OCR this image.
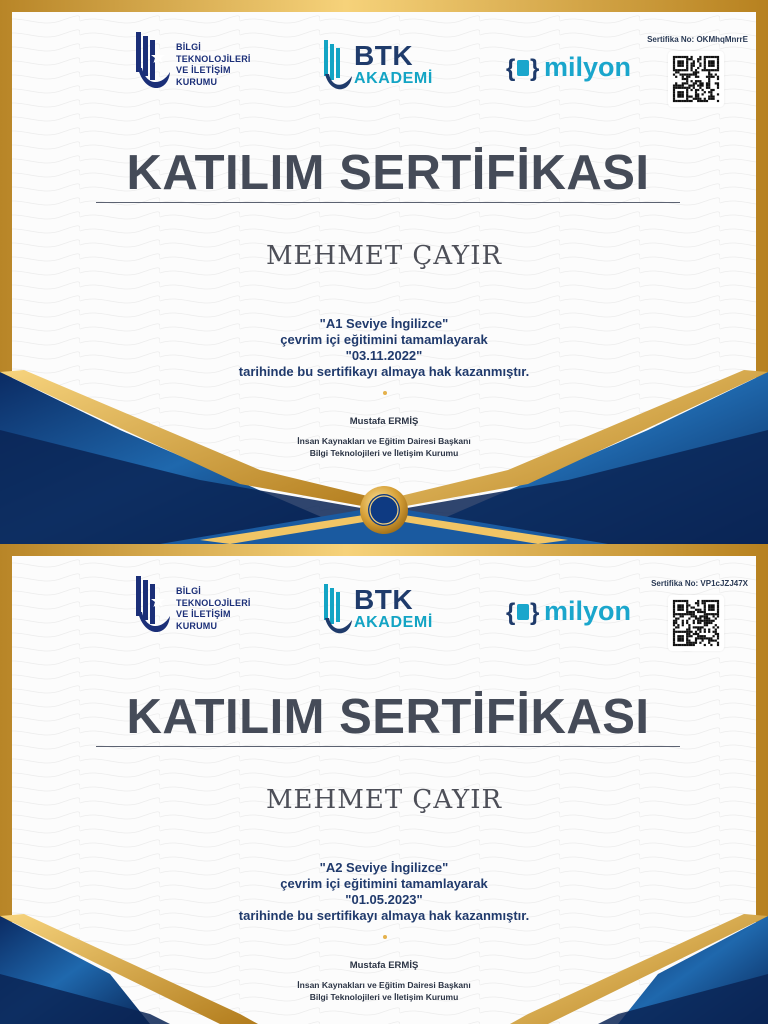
BİLGİ
TEKNOLOJİLERİ
VE İLETİŞİM
KURUMU
BTK
AKADEMİ	{ } milyon
Sertifika No: OKMhqMnrrE
KATILIM SERTİFİKASI
MEHMET ÇAYIR
"A1 Seviye İngilizce"
çevrim içi eğitimini tamamlayarak
"03.11.2022"
tarihinde bu sertifikayı almaya hak kazanmıştır.
Mustafa ERMİŞ
İnsan Kaynakları ve Eğitim Dairesi Başkanı
Bilgi Teknolojileri ve İletişim Kurumu
BİLGİ
TEKNOLOJİLERİ
VE İLETİŞİM
KURUMU
BTK
AKADEMİ	{ } milyon
Sertifika No: VP1cJZJ47X
KATILIM SERTİFİKASI
MEHMET ÇAYIR
"A2 Seviye İngilizce"
çevrim içi eğitimini tamamlayarak
"01.05.2023"
tarihinde bu sertifikayı almaya hak kazanmıştır.
Mustafa ERMİŞ
İnsan Kaynakları ve Eğitim Dairesi Başkanı
Bilgi Teknolojileri ve İletişim Kurumu
